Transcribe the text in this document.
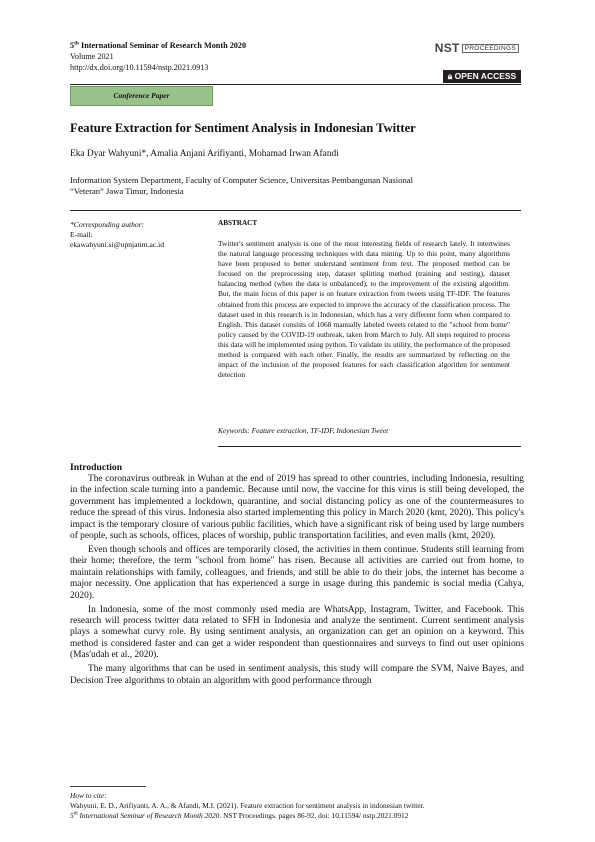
5th International Seminar of Research Month 2020
Volume 2021
http://dx.doi.org/10.11594/nstp.2021.0913
NST PROCEEDINGS
🔒︎ OPEN ACCESS
Conference Paper
Feature Extraction for Sentiment Analysis in Indonesian Twitter
Eka Dyar Wahyuni*, Amalia Anjani Arifiyanti, Mohamad Irwan Afandi
Information System Department, Faculty of Computer Science, Universitas Pembangunan Nasional
“Veteran” Jawa Timur, Indonesia
*Corresponding author:
E-mail:
ekawahyuni.si@upnjatim.ac.id
ABSTRACT
Twitter's sentiment analysis is one of the most interesting fields of research lately. It intertwines the natural language processing techniques with data mining. Up to this point, many algorithms have been proposed to better understand sentiment from text. The proposed method can be focused on the preprocessing step, dataset splitting method (training and testing), dataset balancing method (when the data is unbalanced), to the improvement of the existing algorithm. But, the main focus of this paper is on feature extraction from tweets using TF-IDF. The features obtained from this process are expected to improve the accuracy of the classification process. The dataset used in this research is in Indonesian, which has a very different form when compared to English. This dataset consists of 1068 manually labeled tweets related to the "school from home" policy caused by the COVID-19 outbreak, taken from March to July. All steps required to process this data will be implemented using python. To validate its utility, the performance of the proposed method is compared with each other. Finally, the results are summarized by reflecting on the impact of the inclusion of the proposed features for each classification algorithm for sentiment detection
Keywords: Feature extraction, TF-IDF, Indonesian Tweet
Introduction

The coronavirus outbreak in Wuhan at the end of 2019 has spread to other countries, including Indonesia, resulting in the infection scale turning into a pandemic. Because until now, the vaccine for this virus is still being developed, the government has implemented a lockdown, quarantine, and social distancing policy as one of the countermeasures to reduce the spread of this virus. Indonesia also started implementing this policy in March 2020 (kmt, 2020). This policy's impact is the temporary closure of various public facilities, which have a significant risk of being used by large numbers of people, such as schools, offices, places of worship, public transportation facilities, and even malls (kmt, 2020).

Even though schools and offices are temporarily closed, the activities in them continue. Students still learning from their home; therefore, the term "school from home" has risen. Because all activities are carried out from home, to maintain relationships with family, colleagues, and friends, and still be able to do their jobs, the internet has become a major necessity. One application that has experienced a surge in usage during this pandemic is social media (Cahya, 2020).

In Indonesia, some of the most commonly used media are WhatsApp, Instagram, Twitter, and Facebook. This research will process twitter data related to SFH in Indonesia and analyze the sentiment. Current sentiment analysis plays a somewhat curvy role. By using sentiment analysis, an organization can get an opinion on a keyword. This method is considered faster and can get a wider respondent than questionnaires and surveys to find out user opinions (Mas'udah et al., 2020).

The many algorithms that can be used in sentiment analysis, this study will compare the SVM, Naive Bayes, and Decision Tree algorithms to obtain an algorithm with good performance through

How to cite:
Wahyuni, E. D., Arifiyanti, A. A., & Afandi, M.I. (2021). Feature extraction for sentiment analysis in indonesian twitter.
5th International Seminar of Research Month 2020. NST Proceedings. pages 86-92. doi: 10.11594/ nstp.2021.0912
